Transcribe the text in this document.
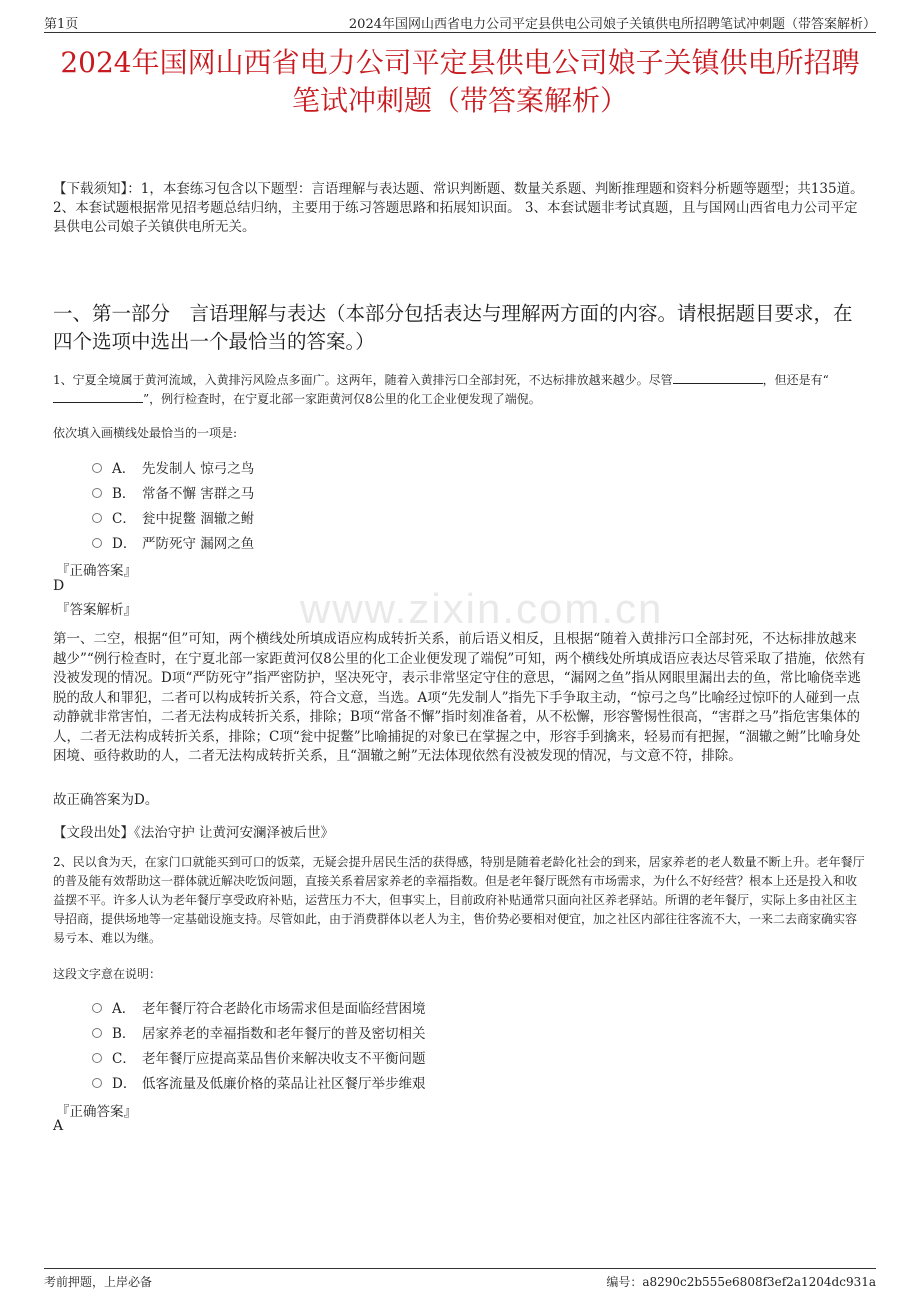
第1页	2024年国网山西省电力公司平定县供电公司娘子关镇供电所招聘笔试冲刺题（带答案解析）
2024年国网山西省电力公司平定县供电公司娘子关镇供电所招聘笔试冲刺题（带答案解析）
【下载须知】：1，本套练习包含以下题型：言语理解与表达题、常识判断题、数量关系题、判断推理题和资料分析题等题型；共135道。 2、本套试题根据常见招考题总结归纳，主要用于练习答题思路和拓展知识面。 3、本套试题非考试真题，且与国网山西省电力公司平定县供电公司娘子关镇供电所无关。
一、第一部分　言语理解与表达（本部分包括表达与理解两方面的内容。请根据题目要求，在四个选项中选出一个最恰当的答案。）
www.zixin.com.cn
1、宁夏全境属于黄河流域，入黄排污风险点多面广。这两年，随着入黄排污口全部封死，不达标排放越来越少。尽管	，但还是有“”，例行检查时，在宁夏北部一家距黄河仅8公里的化工企业便发现了端倪。
依次填入画横线处最恰当的一项是:
A． 先发制人 惊弓之鸟
B． 常备不懈 害群之马
C． 瓮中捉鳖 涸辙之鲋
D． 严防死守 漏网之鱼
『正确答案』
D
『答案解析』
第一、二空，根据“但”可知，两个横线处所填成语应构成转折关系，前后语义相反，且根据“随着入黄排污口全部封死，不达标排放越来越少”“例行检查时，在宁夏北部一家距黄河仅8公里的化工企业便发现了端倪”可知，两个横线处所填成语应表达尽管采取了措施，依然有没被发现的情况。D项“严防死守”指严密防护，坚决死守，表示非常坚定守住的意思，“漏网之鱼”指从网眼里漏出去的鱼，常比喻侥幸逃脱的敌人和罪犯，二者可以构成转折关系，符合文意，当选。A项“先发制人”指先下手争取主动，“惊弓之鸟”比喻经过惊吓的人碰到一点动静就非常害怕，二者无法构成转折关系，排除；B项“常备不懈”指时刻准备着，从不松懈，形容警惕性很高，“害群之马”指危害集体的人，二者无法构成转折关系，排除；C项“瓮中捉鳖”比喻捕捉的对象已在掌握之中，形容手到擒来，轻易而有把握，“涸辙之鲋”比喻身处困境、亟待救助的人，二者无法构成转折关系，且“涸辙之鲋”无法体现依然有没被发现的情况，与文意不符，排除。
故正确答案为D。
【文段出处】《法治守护 让黄河安澜泽被后世》
2、民以食为天，在家门口就能买到可口的饭菜，无疑会提升居民生活的获得感，特别是随着老龄化社会的到来，居家养老的老人数量不断上升。老年餐厅的普及能有效帮助这一群体就近解决吃饭问题，直接关系着居家养老的幸福指数。但是老年餐厅既然有市场需求，为什么不好经营？根本上还是投入和收益摆不平。许多人认为老年餐厅享受政府补贴，运营压力不大，但事实上，目前政府补贴通常只面向社区养老驿站。所谓的老年餐厅，实际上多由社区主导招商，提供场地等一定基础设施支持。尽管如此，由于消费群体以老人为主，售价势必要相对便宜，加之社区内部往往客流不大，一来二去商家确实容易亏本、难以为继。
这段文字意在说明：
A． 老年餐厅符合老龄化市场需求但是面临经营困境
B． 居家养老的幸福指数和老年餐厅的普及密切相关
C． 老年餐厅应提高菜品售价来解决收支不平衡问题
D． 低客流量及低廉价格的菜品让社区餐厅举步维艰
『正确答案』
A
考前押题，上岸必备	编号：a8290c2b555e6808f3ef2a1204dc931a
